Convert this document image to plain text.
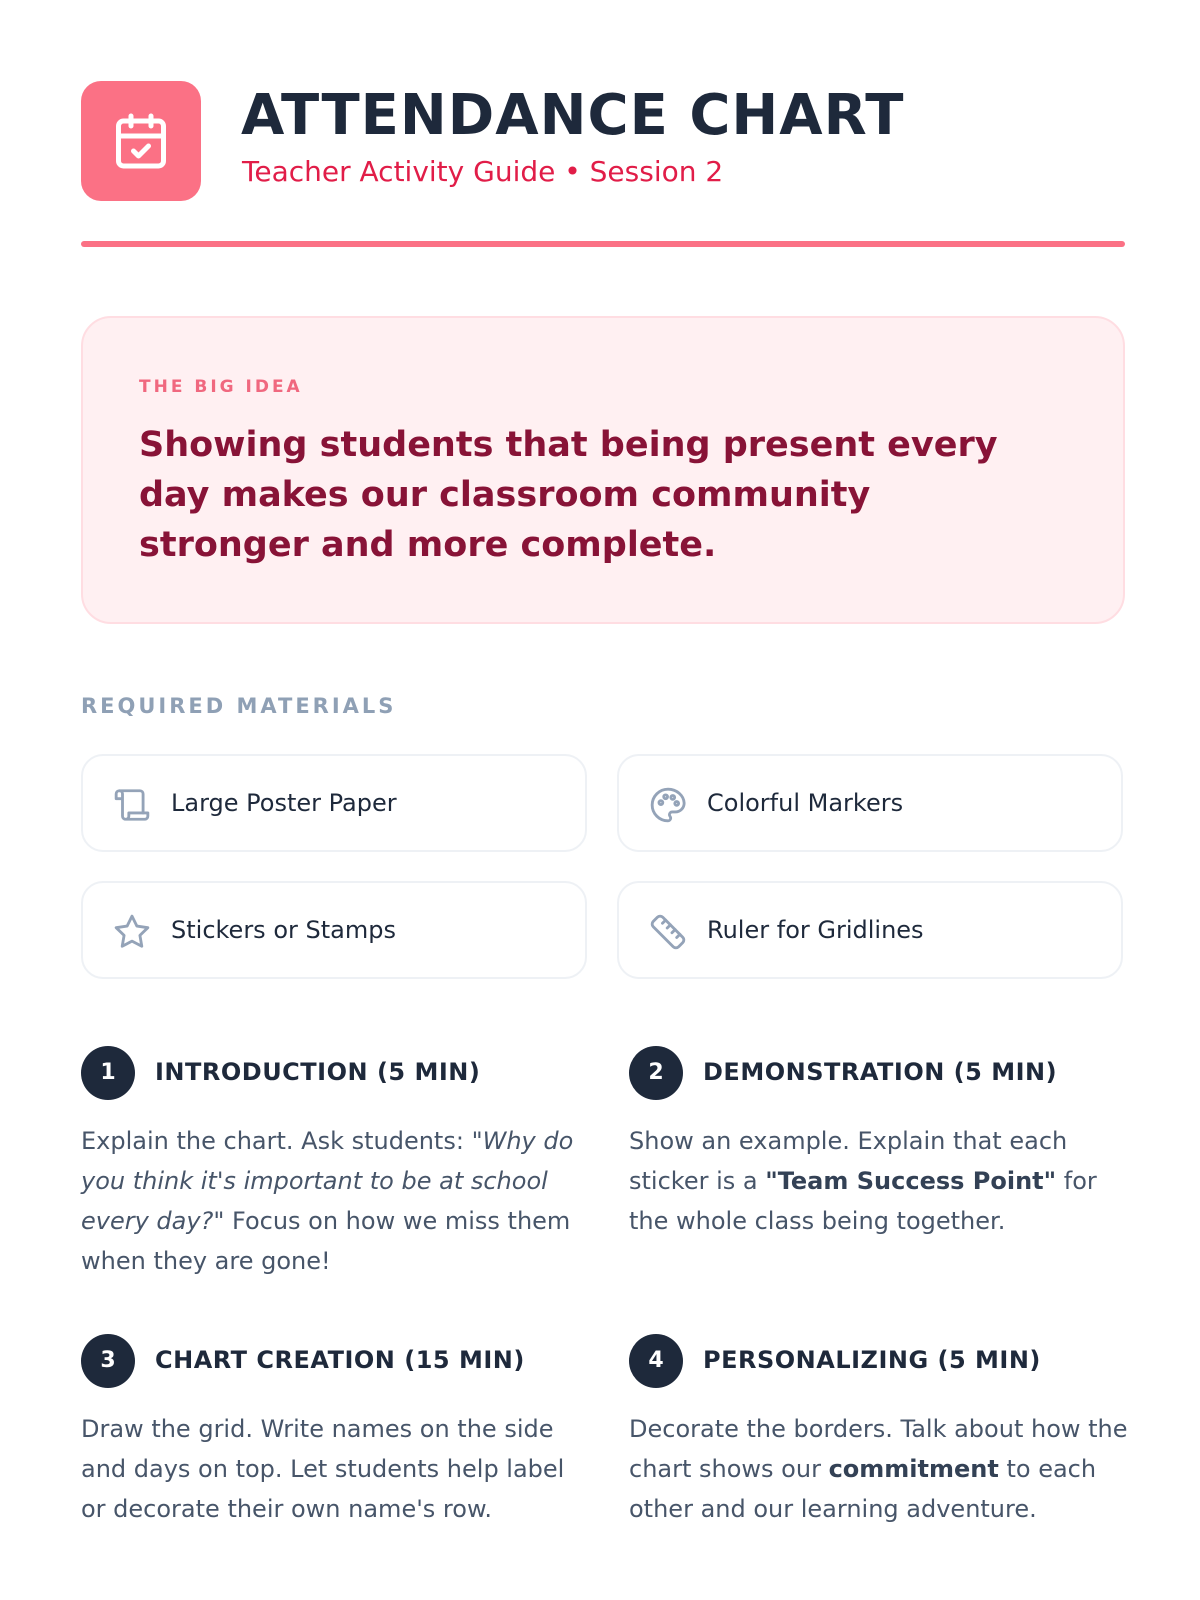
ATTENDANCE CHART
Teacher Activity Guide • Session 2
THE BIG IDEA
Showing students that being present every day makes our classroom community stronger and more complete.
REQUIRED MATERIALS
Large Poster Paper	Colorful Markers
Stickers or Stamps	Ruler for Gridlines
1	INTRODUCTION (5 MIN)
Explain the chart. Ask students: "Why do you think it's important to be at school every day?" Focus on how we miss them when they are gone!
2	DEMONSTRATION (5 MIN)
Show an example. Explain that each sticker is a "Team Success Point" for the whole class being together.
3	CHART CREATION (15 MIN)
Draw the grid. Write names on the side and days on top. Let students help label or decorate their own name's row.
4	PERSONALIZING (5 MIN)
Decorate the borders. Talk about how the chart shows our commitment to each other and our learning adventure.
